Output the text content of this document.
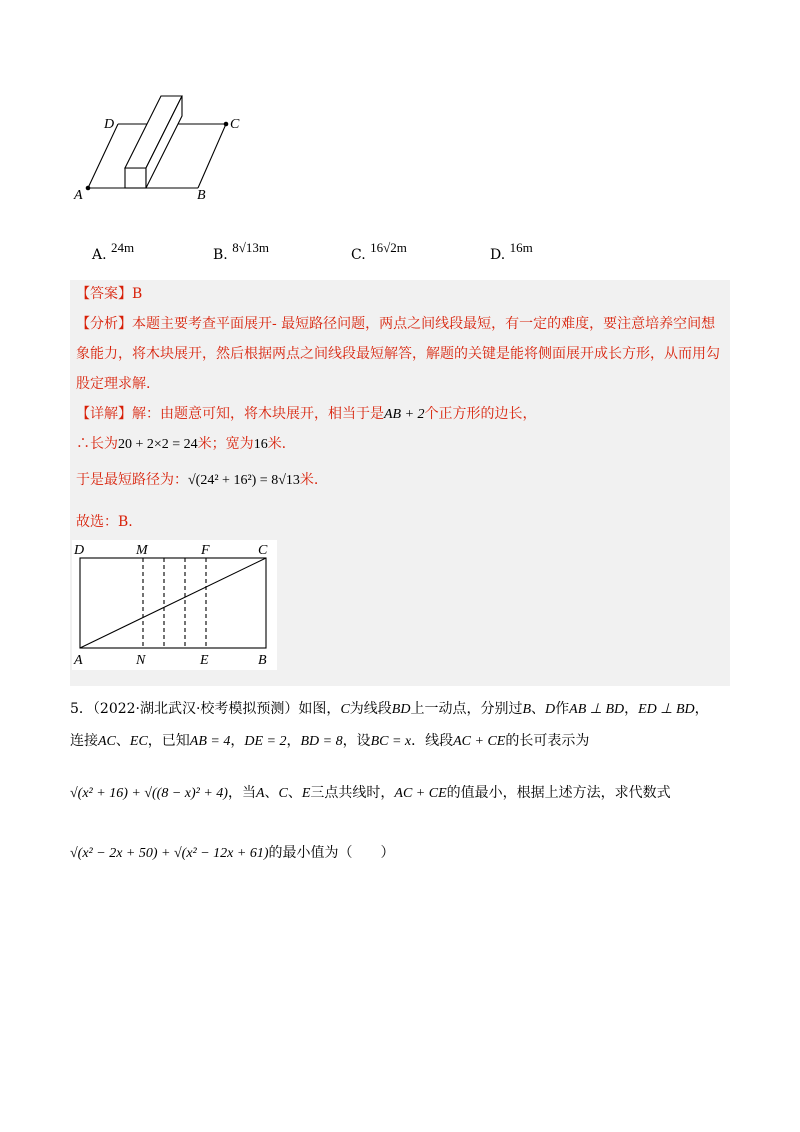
D	C
A	B
A. $^{24m}$	B. $^{8√13m}$	C. $^{16√2m}$	D. $^{16m}$
【答案】B
【分析】本题主要考查平面展开- 最短路径问题，两点之间线段最短，有一定的难度，要注意培养空间想
象能力，将木块展开，然后根据两点之间线段最短解答，解题的关键是能将侧面展开成长方形，从而用勾
股定理求解.
【详解】解：由题意可知，将木块展开，相当于是AB + 2个正方形的边长，
∴长为20 + 2×2 = 24米；宽为16米.
于是最短路径为：√(24² + 16²) = 8√13米.
故选：B.
D	M	F	C
A	N	E	B
5．（2022·湖北武汉·校考模拟预测）如图，C为线段BD上一动点，分别过B、D作AB ⊥ BD，ED ⊥ BD，
连接AC、EC，已知AB = 4，DE = 2，BD = 8，设BC = x．线段AC + CE的长可表示为
√(x² + 16) + √((8 − x)² + 4)，当A、C、E三点共线时，AC + CE的值最小，根据上述方法，求代数式
√(x² − 2x + 50) + √(x² − 12x + 61)的最小值为（　　）
